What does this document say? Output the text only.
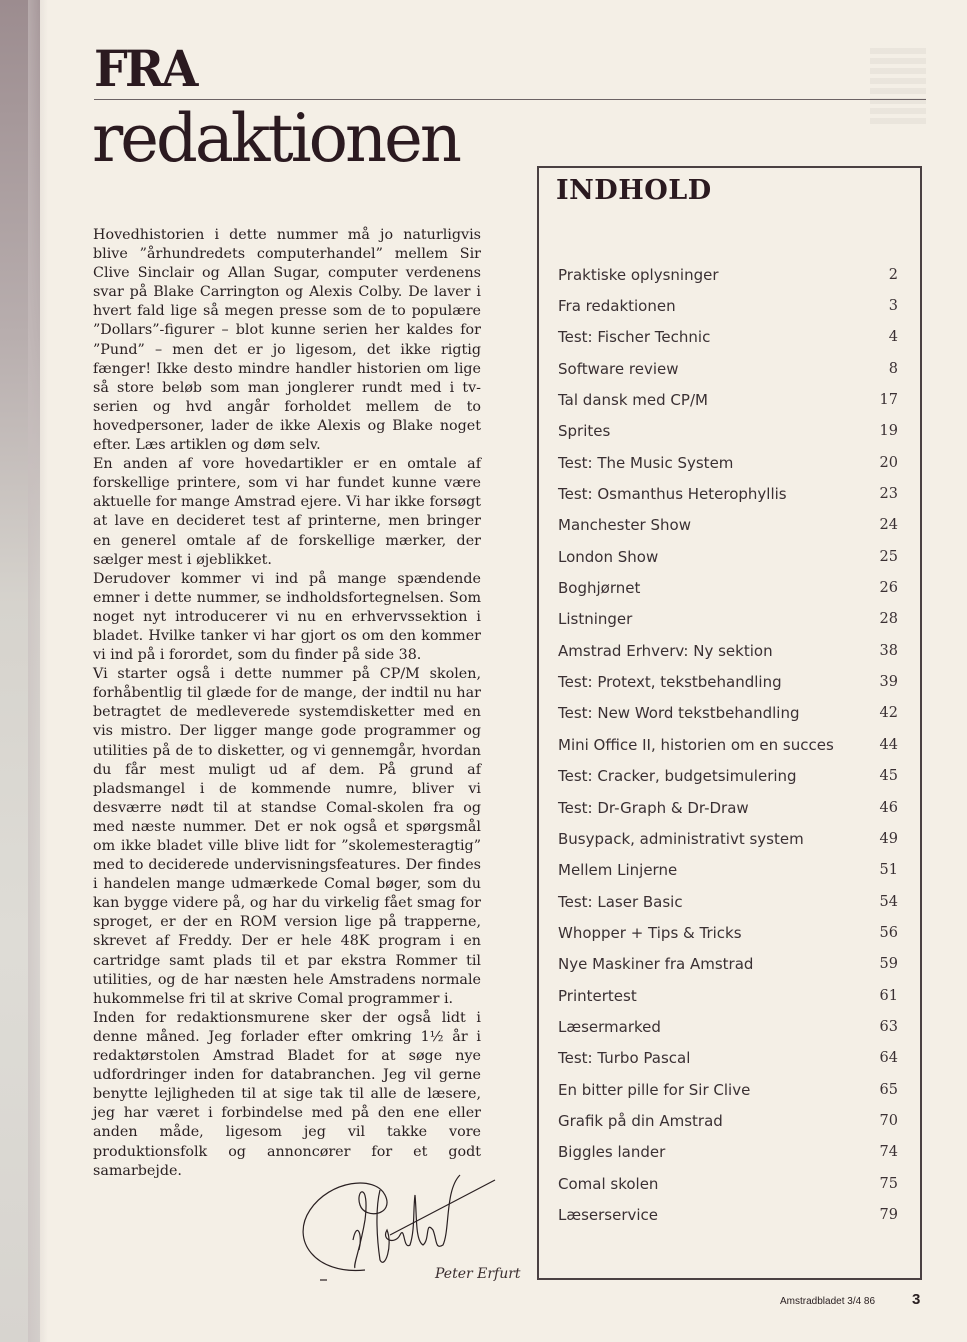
FRA
redaktionen

Hovedhistorien i dette nummer må jo naturligvis blive ”århundredets computerhandel” mellem Sir Clive Sinclair og Allan Sugar, computer verdenens svar på Blake Carrington og Alexis Colby. De laver i hvert fald lige så megen presse som de to populære ”Dollars”-figurer – blot kunne serien her kaldes for ”Pund” – men det er jo ligesom, det ikke rigtig fænger! Ikke desto mindre handler historien om lige så store beløb som man jonglerer rundt med i tv-serien og hvd angår forholdet mellem de to hovedpersoner, lader de ikke Alexis og Blake noget efter. Læs artiklen og døm selv.

En anden af vore hovedartikler er en omtale af forskellige printere, som vi har fundet kunne være aktuelle for mange Amstrad ejere. Vi har ikke forsøgt at lave en decideret test af printerne, men bringer en generel omtale af de forskellige mærker, der sælger mest i øjeblikket.

Derudover kommer vi ind på mange spændende emner i dette nummer, se indholdsfortegnelsen. Som noget nyt introducerer vi nu en erhvervssektion i bladet. Hvilke tanker vi har gjort os om den kommer vi ind på i forordet, som du finder på side 38.

Vi starter også i dette nummer på CP/M skolen, forhåbentlig til glæde for de mange, der indtil nu har betragtet de medleverede systemdisketter med en vis mistro. Der ligger mange gode programmer og utilities på de to disketter, og vi gennemgår, hvordan du får mest muligt ud af dem. På grund af pladsmangel i de kommende numre, bliver vi desværre nødt til at standse Comal-skolen fra og med næste nummer. Det er nok også et spørgsmål om ikke bladet ville blive lidt for ”skolemesteragtig” med to deciderede undervisningsfeatures. Der findes i handelen mange udmærkede Comal bøger, som du kan bygge videre på, og har du virkelig fået smag for sproget, er der en ROM version lige på trapperne, skrevet af Freddy. Der er hele 48K program i en cartridge samt plads til et par ekstra Rommer til utilities, og de har næsten hele Amstradens normale hukommelse fri til at skrive Comal programmer i.

Inden for redaktionsmurene sker der også lidt i denne måned. Jeg forlader efter omkring 1½ år i redaktørstolen Amstrad Bladet for at søge nye udfordringer inden for databranchen. Jeg vil gerne benytte lejligheden til at sige tak til alle de læsere, jeg har været i forbindelse med på den ene eller anden måde, ligesom jeg vil takke vore produktionsfolk og annoncører for et godt samarbejde.

Peter Erfurt
INDHOLD
Praktiske oplysninger	2
Fra redaktionen	3
Test: Fischer Technic	4
Software review	8
Tal dansk med CP/M	17
Sprites	19
Test: The Music System	20
Test: Osmanthus Heterophyllis	23
Manchester Show	24
London Show	25
Boghjørnet	26
Listninger	28
Amstrad Erhverv: Ny sektion	38
Test: Protext, tekstbehandling	39
Test: New Word tekstbehandling	42
Mini Office II, historien om en succes	44
Test: Cracker, budgetsimulering	45
Test: Dr-Graph & Dr-Draw	46
Busypack, administrativt system	49
Mellem Linjerne	51
Test: Laser Basic	54
Whopper + Tips & Tricks	56
Nye Maskiner fra Amstrad	59
Printertest	61
Læsermarked	63
Test: Turbo Pascal	64
En bitter pille for Sir Clive	65
Grafik på din Amstrad	70
Biggles lander	74
Comal skolen	75
Læserservice	79
Amstradbladet 3/4 86 3
